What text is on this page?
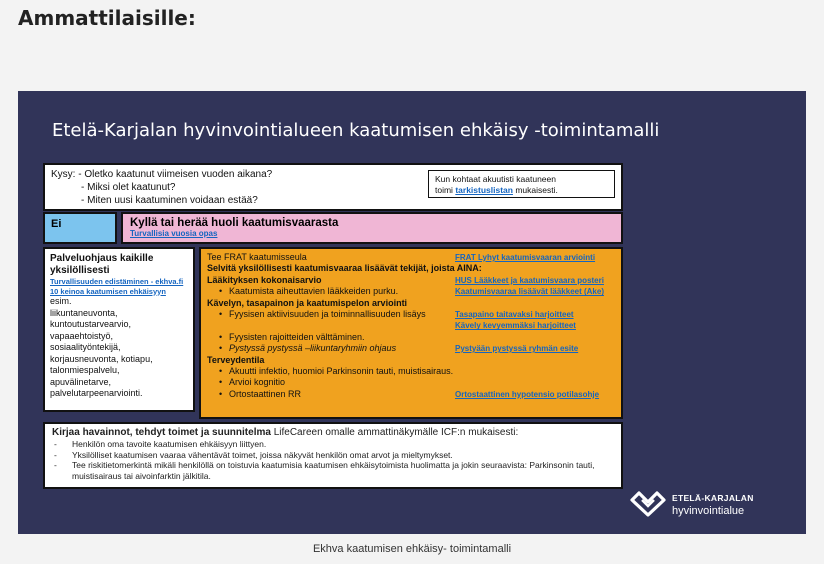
Ammattilaisille:
Etelä-Karjalan hyvinvointialueen kaatumisen ehkäisy -toimintamalli
Kysy: - Oletko kaatunut viimeisen vuoden aikana?
- Miksi olet kaatunut?
- Miten uusi kaatuminen voidaan estää?
Kun kohtaat akuutisti kaatuneen
toimi tarkistuslistan mukaisesti.
Ei	Kyllä tai herää huoli kaatumisvaarasta
Turvallisia vuosia opas
Palveluohjaus kaikille
yksilöllisesti
Turvallisuuden edistäminen - ekhva.fi
10 keinoa kaatumisen ehkäisyyn
esim.
liikuntaneuvonta,
kuntoutustarvearvio,
vapaaehtoistyö,
sosiaalityöntekijä,
korjausneuvonta, kotiapu,
talonmiespalvelu,
apuvälinetarve,
palvelutarpeenarviointi.
Tee FRAT kaatumisseula	FRAT Lyhyt kaatumisvaaran arviointi
Selvitä yksilöllisesti kaatumisvaaraa lisäävät tekijät, joista AINA:
Lääkityksen kokonaisarvio	HUS Lääkkeet ja kaatumisvaara posteri
• Kaatumista aiheuttavien lääkkeiden purku.	Kaatumisvaaraa lisäävät lääkkeet (Ake)
Kävelyn, tasapainon ja kaatumispelon arviointi
• Fyysisen aktiivisuuden ja toiminnallisuuden lisäys	Tasapaino taitavaksi harjoitteet
Kävely kevyemmäksi harjoitteet
• Fyysisten rajoitteiden välttäminen.
• Pystyssä pystyssä –liikuntaryhmiin ohjaus	Pystyään pystyssä ryhmän esite
Terveydentila
• Akuutti infektio, huomioi Parkinsonin tauti, muistisairaus.
• Arvioi kognitio
• Ortostaattinen RR	Ortostaattinen hypotensio potilasohje
Kirjaa havainnot, tehdyt toimet ja suunnitelma LifeCareen omalle ammattinäkymälle ICF:n mukaisesti:
- Henkilön oma tavoite kaatumisen ehkäisyyn liittyen.
- Yksilölliset kaatumisen vaaraa vähentävät toimet, joissa näkyvät henkilön omat arvot ja mieltymykset.
- Tee riskitietomerkintä mikäli henkilöllä on toistuvia kaatumisia kaatumisen ehkäisytoimista huolimatta ja jokin seuraavista: Parkinsonin tauti, muistisairaus tai aivoinfarktin jälkitila.
ETELÄ-KARJALAN
hyvinvointialue
Ekhva kaatumisen ehkäisy- toimintamalli
